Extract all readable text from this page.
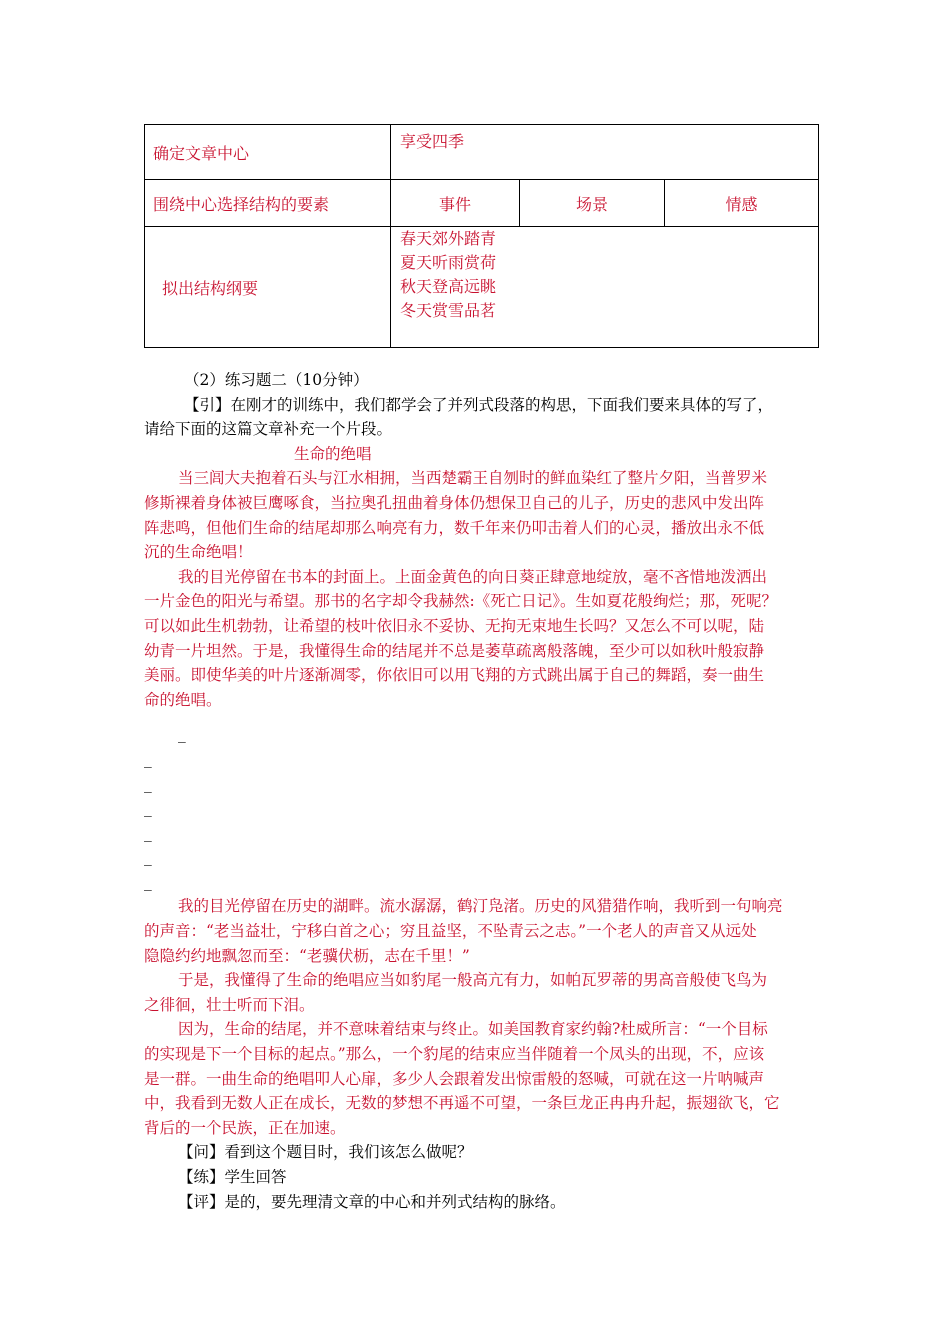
确定文章中心	享受四季		
围绕中心选择结构的要素	事件	场景	情感
拟出结构纲要	春天郊外踏青
夏天听雨赏荷
秋天登高远眺
冬天赏雪品茗		
（2）练习题二（10分钟）
【引】在刚才的训练中，我们都学会了并列式段落的构思，下面我们要来具体的写了，
请给下面的这篇文章补充一个片段。
生命的绝唱
当三闾大夫抱着石头与江水相拥，当西楚霸王自刎时的鲜血染红了整片夕阳，当普罗米
修斯裸着身体被巨鹰啄食，当拉奥孔扭曲着身体仍想保卫自己的儿子，历史的悲风中发出阵
阵悲鸣，但他们生命的结尾却那么响亮有力，数千年来仍叩击着人们的心灵，播放出永不低
沉的生命绝唱！
我的目光停留在书本的封面上。上面金黄色的向日葵正肆意地绽放，毫不吝惜地泼洒出
一片金色的阳光与希望。那书的名字却令我赫然:《死亡日记》。生如夏花般绚烂；那，死呢？
可以如此生机勃勃，让希望的枝叶依旧永不妥协、无拘无束地生长吗？又怎么不可以呢，陆
幼青一片坦然。于是，我懂得生命的结尾并不总是萎草疏离般落魄，至少可以如秋叶般寂静
美丽。即使华美的叶片逐渐凋零，你依旧可以用飞翔的方式跳出属于自己的舞蹈，奏一曲生
命的绝唱。
_
_
_
_
_
_
_
我的目光停留在历史的湖畔。流水潺潺，鹤汀凫渚。历史的风猎猎作响，我听到一句响亮
的声音：“老当益壮，宁移白首之心；穷且益坚，不坠青云之志。”一个老人的声音又从远处
隐隐约约地飘忽而至：“老骥伏枥，志在千里！”
于是，我懂得了生命的绝唱应当如豹尾一般高亢有力，如帕瓦罗蒂的男高音般使飞鸟为
之徘徊，壮士听而下泪。
因为，生命的结尾，并不意味着结束与终止。如美国教育家约翰?杜威所言：“一个目标
的实现是下一个目标的起点。”那么，一个豹尾的结束应当伴随着一个凤头的出现，不，应该
是一群。一曲生命的绝唱叩人心扉，多少人会跟着发出惊雷般的怒喊，可就在这一片呐喊声
中，我看到无数人正在成长，无数的梦想不再遥不可望，一条巨龙正冉冉升起，振翅欲飞，它
背后的一个民族，正在加速。
【问】看到这个题目时，我们该怎么做呢？
【练】学生回答
【评】是的，要先理清文章的中心和并列式结构的脉络。
